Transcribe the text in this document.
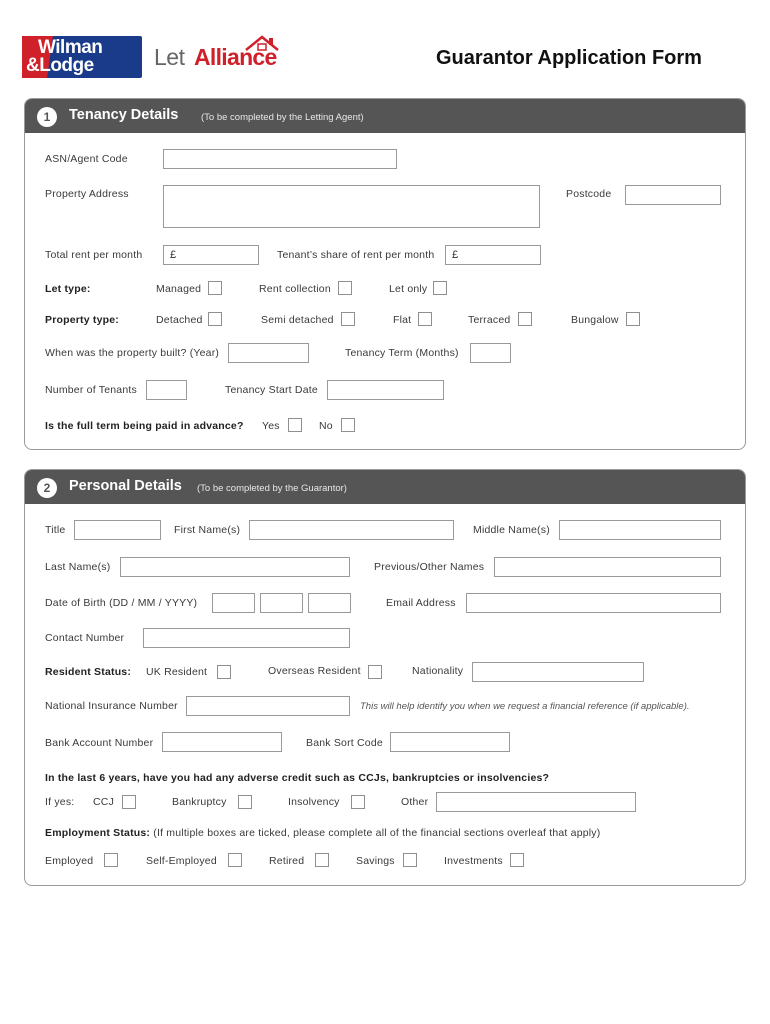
Wilman
&Lodge	Let Alliance	Guarantor Application Form
1	Tenancy Details (To be completed by the Letting Agent)
ASN/Agent Code
Property Address	Postcode
Total rent per month	£	Tenant’s share of rent per month	£
Let type:	Managed	Rent collection	Let only
Property type:	Detached	Semi detached	Flat	Terraced	Bungalow
When was the property built? (Year)	Tenancy Term (Months)
Number of Tenants	Tenancy Start Date
Is the full term being paid in advance? Yes	No
2	Personal Details (To be completed by the Guarantor)
Title	First Name(s)	Middle Name(s)
Last Name(s)	Previous/Other Names
Date of Birth (DD / MM / YYYY)	Email Address
Contact Number
Resident Status: UK Resident	Overseas Resident	Nationality
National Insurance Number	This will help identify you when we request a financial reference (if applicable).
Bank Account Number	Bank Sort Code
In the last 6 years, have you had any adverse credit such as CCJs, bankruptcies or insolvencies?
If yes: CCJ	Bankruptcy	Insolvency	Other
Employment Status: (If multiple boxes are ticked, please complete all of the financial sections overleaf that apply)
Employed	Self-Employed	Retired	Savings	Investments
